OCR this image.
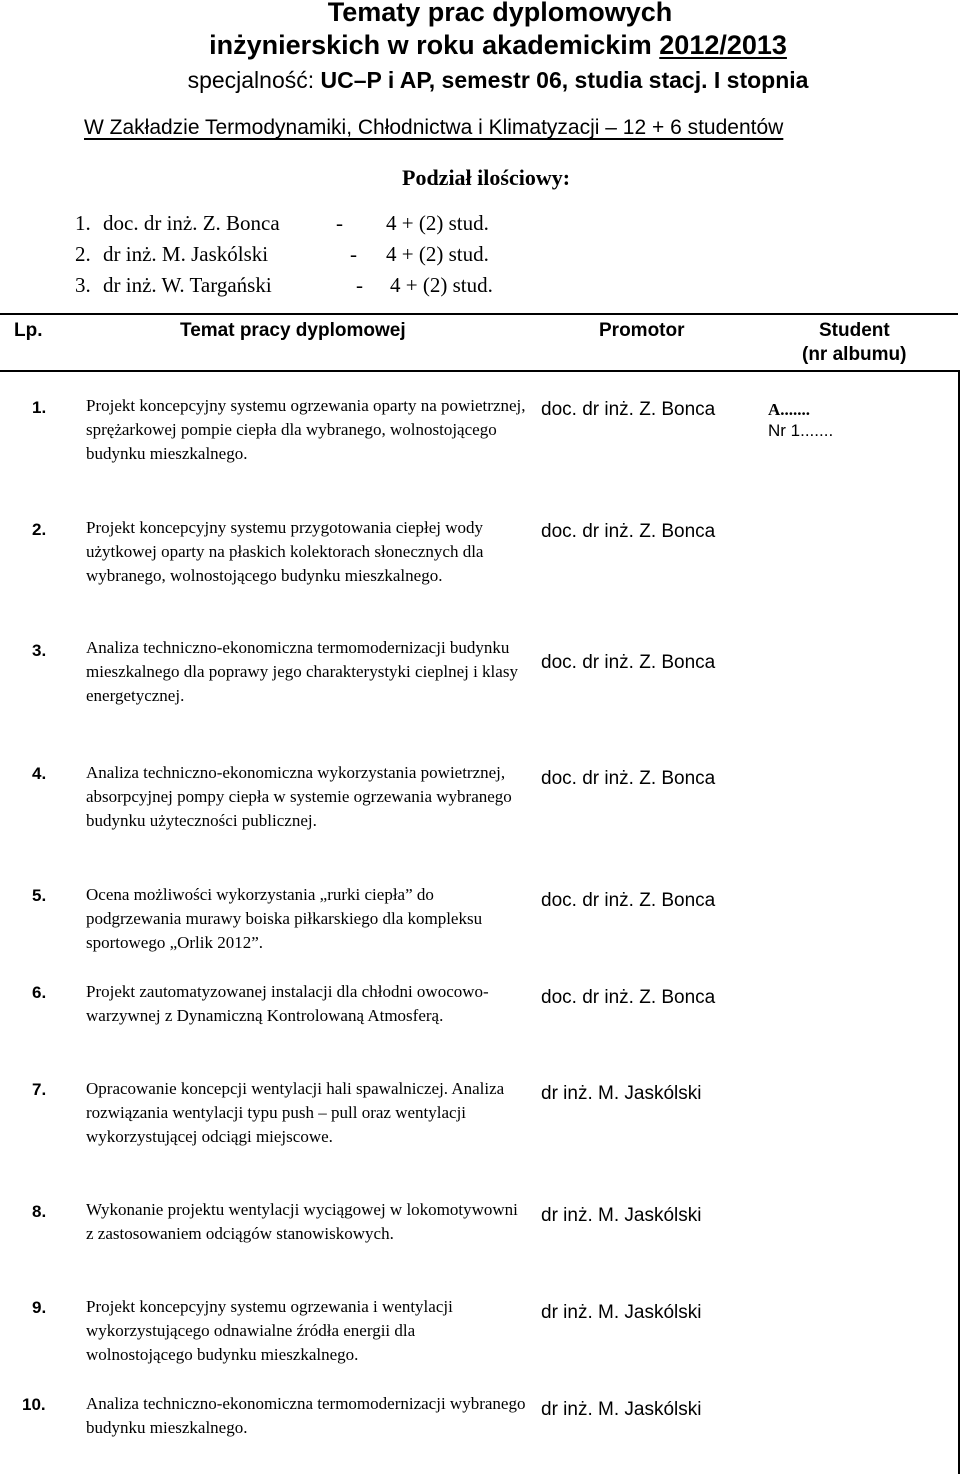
Tematy prac dyplomowych
inżynierskich w roku akademickim 2012/2013
specjalność: UC–P i AP, semestr 06, studia stacj. I stopnia
W Zakładzie Termodynamiki, Chłodnictwa i Klimatyzacji – 12 + 6 studentów
Podział ilościowy:
1. doc. dr inż. Z. Bonca	- 4 + (2) stud.
2. dr inż. M. Jaskólski	- 4 + (2) stud.
3. dr inż. W. Targański	- 4 + (2) stud.
Lp.	Temat pracy dyplomowej	Promotor	Student
(nr albumu)
1. Projekt koncepcyjny systemu ogrzewania oparty na powietrznej, sprężarkowej pompie ciepła dla wybranego, wolnostojącego budynku mieszkalnego.
doc. dr inż. Z. Bonca	A.......
Nr 1.......
2. Projekt koncepcyjny systemu przygotowania ciepłej wody użytkowej oparty na płaskich kolektorach słonecznych dla wybranego, wolnostojącego budynku mieszkalnego.
doc. dr inż. Z. Bonca
3. Analiza techniczno-ekonomiczna termomodernizacji budynku mieszkalnego dla poprawy jego charakterystyki cieplnej i klasy energetycznej.
doc. dr inż. Z. Bonca
4. Analiza techniczno-ekonomiczna wykorzystania powietrznej, absorpcyjnej pompy ciepła w systemie ogrzewania wybranego budynku użyteczności publicznej.
doc. dr inż. Z. Bonca
5. Ocena możliwości wykorzystania „rurki ciepła” do podgrzewania murawy boiska piłkarskiego dla kompleksu sportowego „Orlik 2012”.
doc. dr inż. Z. Bonca
6. Projekt zautomatyzowanej instalacji dla chłodni owocowo-warzywnej z Dynamiczną Kontrolowaną Atmosferą.
doc. dr inż. Z. Bonca
7. Opracowanie koncepcji wentylacji hali spawalniczej. Analiza rozwiązania wentylacji typu push – pull oraz wentylacji wykorzystującej odciągi miejscowe.
dr inż. M. Jaskólski
8. Wykonanie projektu wentylacji wyciągowej w lokomotywowni z zastosowaniem odciągów stanowiskowych.
dr inż. M. Jaskólski
9. Projekt koncepcyjny systemu ogrzewania i wentylacji wykorzystującego odnawialne źródła energii dla wolnostojącego budynku mieszkalnego.
dr inż. M. Jaskólski
10. Analiza techniczno-ekonomiczna termomodernizacji wybranego budynku mieszkalnego.
dr inż. M. Jaskólski
